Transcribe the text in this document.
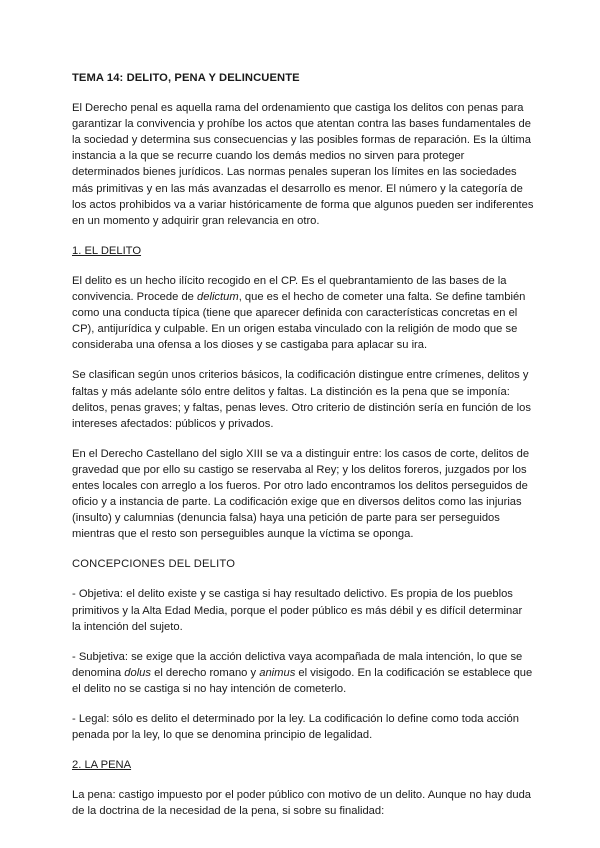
TEMA 14: DELITO, PENA Y DELINCUENTE

El Derecho penal es aquella rama del ordenamiento que castiga los delitos con penas para garantizar la convivencia y prohíbe los actos que atentan contra las bases fundamentales de la sociedad y determina sus consecuencias y las posibles formas de reparación. Es la última instancia a la que se recurre cuando los demás medios no sirven para proteger determinados bienes jurídicos. Las normas penales superan los límites en las sociedades más primitivas y en las más avanzadas el desarrollo es menor. El número y la categoría de los actos prohibidos va a variar históricamente de forma que algunos pueden ser indiferentes en un momento y adquirir gran relevancia en otro.

1. EL DELITO

El delito es un hecho ilícito recogido en el CP. Es el quebrantamiento de las bases de la convivencia. Procede de delictum, que es el hecho de cometer una falta. Se define también como una conducta típica (tiene que aparecer definida con características concretas en el CP), antijurídica y culpable. En un origen estaba vinculado con la religión de modo que se consideraba una ofensa a los dioses y se castigaba para aplacar su ira.

Se clasifican según unos criterios básicos, la codificación distingue entre crímenes, delitos y faltas y más adelante sólo entre delitos y faltas. La distinción es la pena que se imponía: delitos, penas graves; y faltas, penas leves. Otro criterio de distinción sería en función de los intereses afectados: públicos y privados.

En el Derecho Castellano del siglo XIII se va a distinguir entre: los casos de corte, delitos de gravedad que por ello su castigo se reservaba al Rey; y los delitos foreros, juzgados por los entes locales con arreglo a los fueros. Por otro lado encontramos los delitos perseguidos de oficio y a instancia de parte. La codificación exige que en diversos delitos como las injurias (insulto) y calumnias (denuncia falsa) haya una petición de parte para ser perseguidos mientras que el resto son perseguibles aunque la víctima se oponga.

CONCEPCIONES DEL DELITO

- Objetiva: el delito existe y se castiga si hay resultado delictivo. Es propia de los pueblos primitivos y la Alta Edad Media, porque el poder público es más débil y es difícil determinar la intención del sujeto.

- Subjetiva: se exige que la acción delictiva vaya acompañada de mala intención, lo que se denomina dolus el derecho romano y animus el visigodo. En la codificación se establece que el delito no se castiga si no hay intención de cometerlo.

- Legal: sólo es delito el determinado por la ley. La codificación lo define como toda acción penada por la ley, lo que se denomina principio de legalidad.

2. LA PENA

La pena: castigo impuesto por el poder público con motivo de un delito. Aunque no hay duda de la doctrina de la necesidad de la pena, si sobre su finalidad:
